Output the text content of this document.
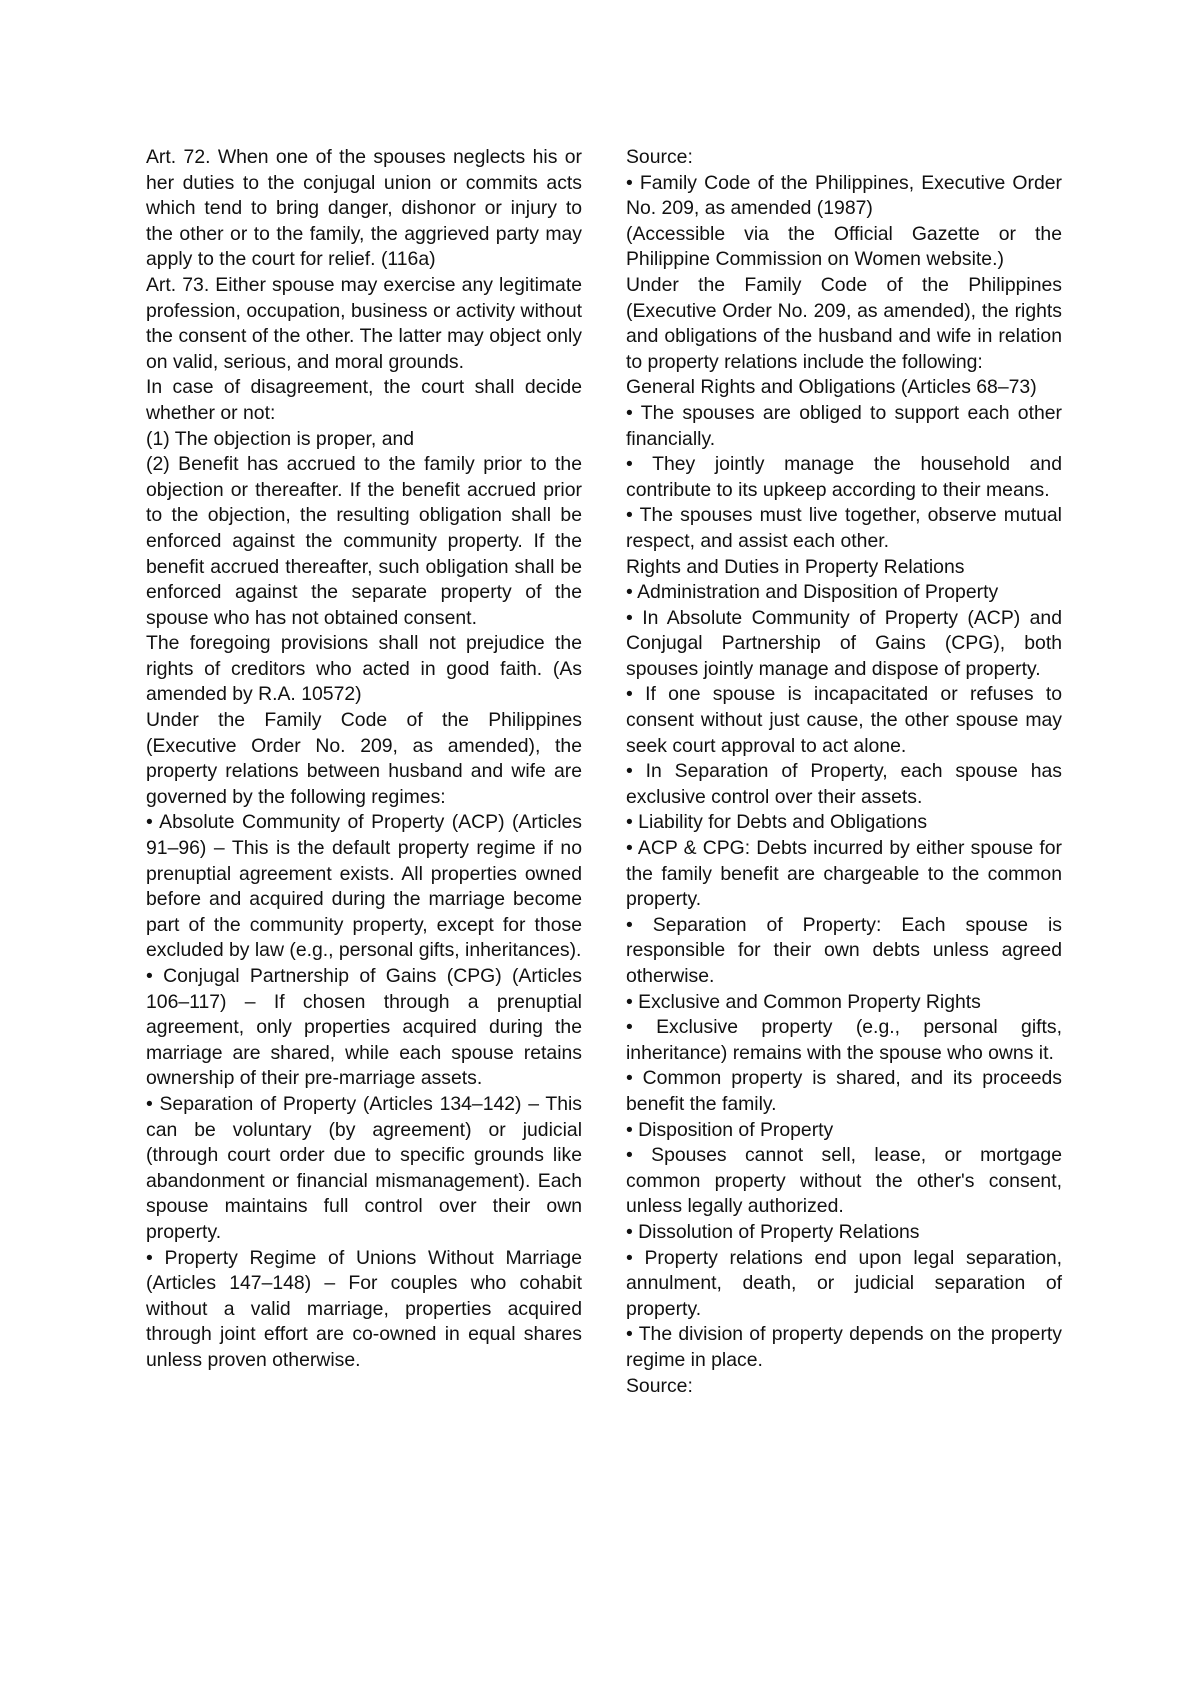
Art. 72. When one of the spouses neglects his or her duties to the conjugal union or commits acts which tend to bring danger, dishonor or injury to the other or to the family, the aggrieved party may apply to the court for relief. (116a)

Art. 73. Either spouse may exercise any legitimate profession, occupation, business or activity without the consent of the other. The latter may object only on valid, serious, and moral grounds.

In case of disagreement, the court shall decide whether or not:

(1) The objection is proper, and

(2) Benefit has accrued to the family prior to the objection or thereafter. If the benefit accrued prior to the objection, the resulting obligation shall be enforced against the community property. If the benefit accrued thereafter, such obligation shall be enforced against the separate property of the spouse who has not obtained consent.

The foregoing provisions shall not prejudice the rights of creditors who acted in good faith. (As amended by R.A. 10572)

Under the Family Code of the Philippines (Executive Order No. 209, as amended), the property relations between husband and wife are governed by the following regimes:

• Absolute Community of Property (ACP) (Articles 91–96) – This is the default property regime if no prenuptial agreement exists. All properties owned before and acquired during the marriage become part of the community property, except for those excluded by law (e.g., personal gifts, inheritances).

• Conjugal Partnership of Gains (CPG) (Articles 106–117) – If chosen through a prenuptial agreement, only properties acquired during the marriage are shared, while each spouse retains ownership of their pre-marriage assets.

• Separation of Property (Articles 134–142) – This can be voluntary (by agreement) or judicial (through court order due to specific grounds like abandonment or financial mismanagement). Each spouse maintains full control over their own property.

• Property Regime of Unions Without Marriage (Articles 147–148) – For couples who cohabit without a valid marriage, properties acquired through joint effort are co-owned in equal shares unless proven otherwise.

Source:

• Family Code of the Philippines, Executive Order No. 209, as amended (1987)

(Accessible via the Official Gazette or the Philippine Commission on Women website.)

Under the Family Code of the Philippines (Executive Order No. 209, as amended), the rights and obligations of the husband and wife in relation to property relations include the following:

General Rights and Obligations (Articles 68–73)

• The spouses are obliged to support each other financially.

• They jointly manage the household and contribute to its upkeep according to their means.

• The spouses must live together, observe mutual respect, and assist each other.

Rights and Duties in Property Relations

• Administration and Disposition of Property

• In Absolute Community of Property (ACP) and Conjugal Partnership of Gains (CPG), both spouses jointly manage and dispose of property.

• If one spouse is incapacitated or refuses to consent without just cause, the other spouse may seek court approval to act alone.

• In Separation of Property, each spouse has exclusive control over their assets.

• Liability for Debts and Obligations

• ACP & CPG: Debts incurred by either spouse for the family benefit are chargeable to the common property.

• Separation of Property: Each spouse is responsible for their own debts unless agreed otherwise.

• Exclusive and Common Property Rights

• Exclusive property (e.g., personal gifts, inheritance) remains with the spouse who owns it.

• Common property is shared, and its proceeds benefit the family.

• Disposition of Property

• Spouses cannot sell, lease, or mortgage common property without the other's consent, unless legally authorized.

• Dissolution of Property Relations

• Property relations end upon legal separation, annulment, death, or judicial separation of property.

• The division of property depends on the property regime in place.

Source:
